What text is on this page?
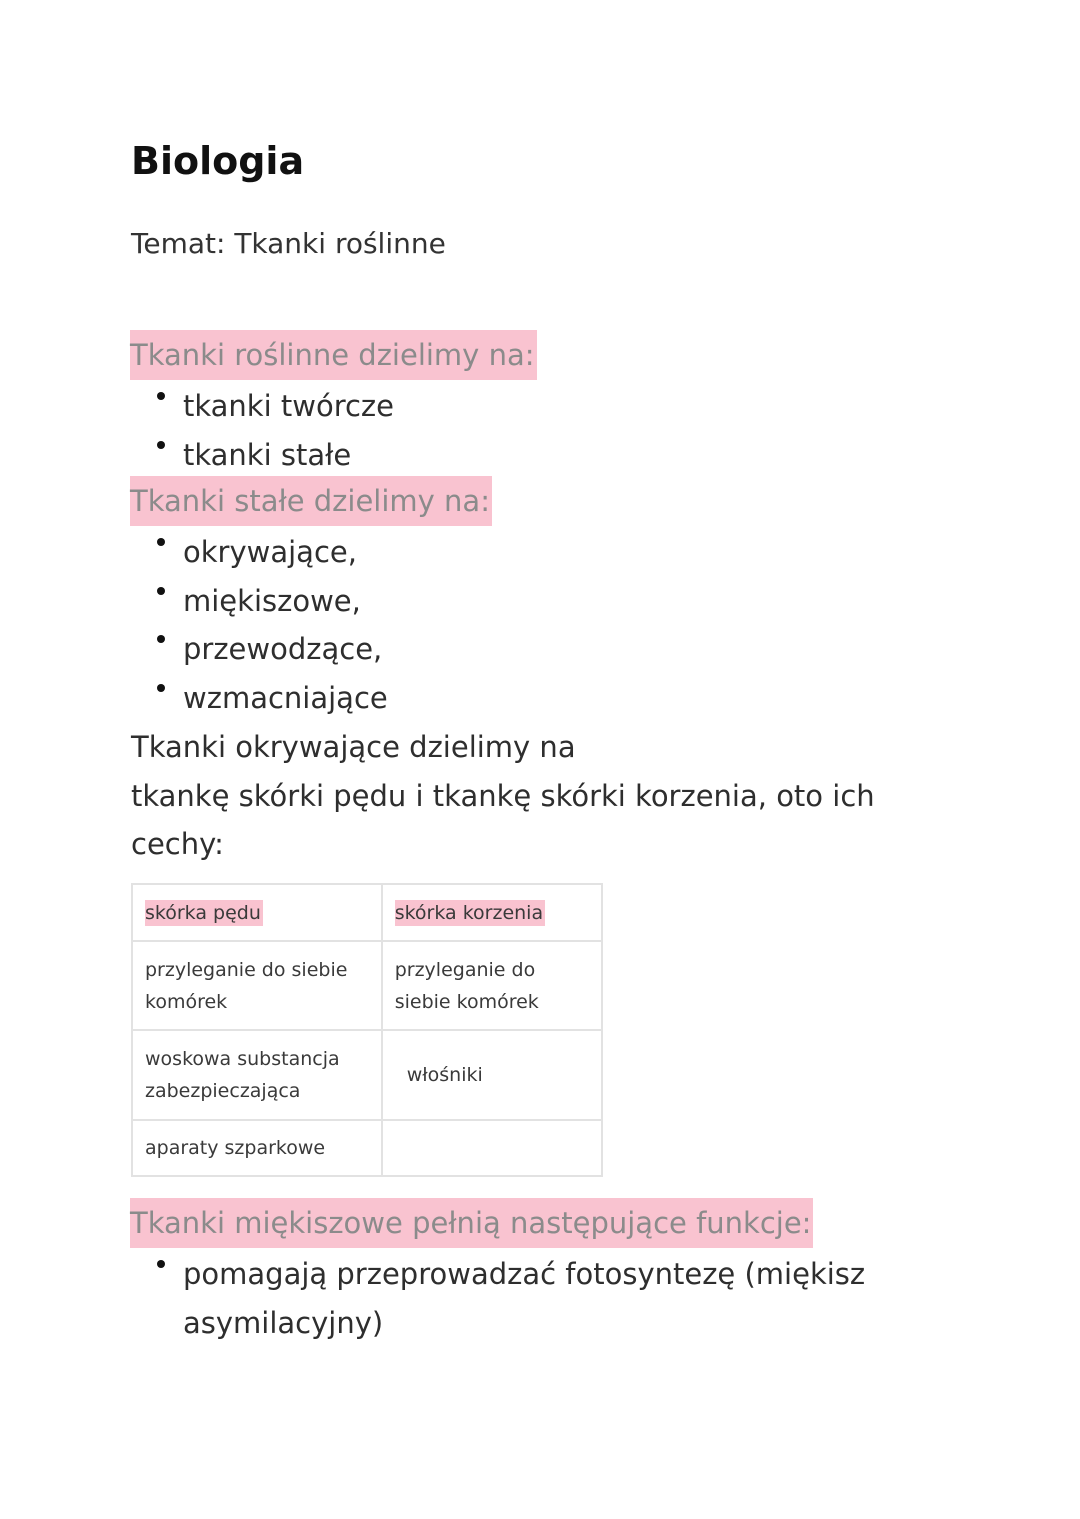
Biologia
Temat: Tkanki roślinne
Tkanki roślinne dzielimy na:
tkanki twórcze
tkanki stałe
Tkanki stałe dzielimy na:
okrywające,
miękiszowe,
przewodzące,
wzmacniające
Tkanki okrywające dzielimy na
tkankę skórki pędu i tkankę skórki korzenia, oto ich
cechy:
skórka pędu	skórka korzenia
przyleganie do siebie komórek	przyleganie do siebie komórek
woskowa substancja zabezpieczająca	włośniki
aparaty szparkowe	
Tkanki miękiszowe pełnią następujące funkcje:
pomagają przeprowadzać fotosyntezę (miękisz asymilacyjny)
